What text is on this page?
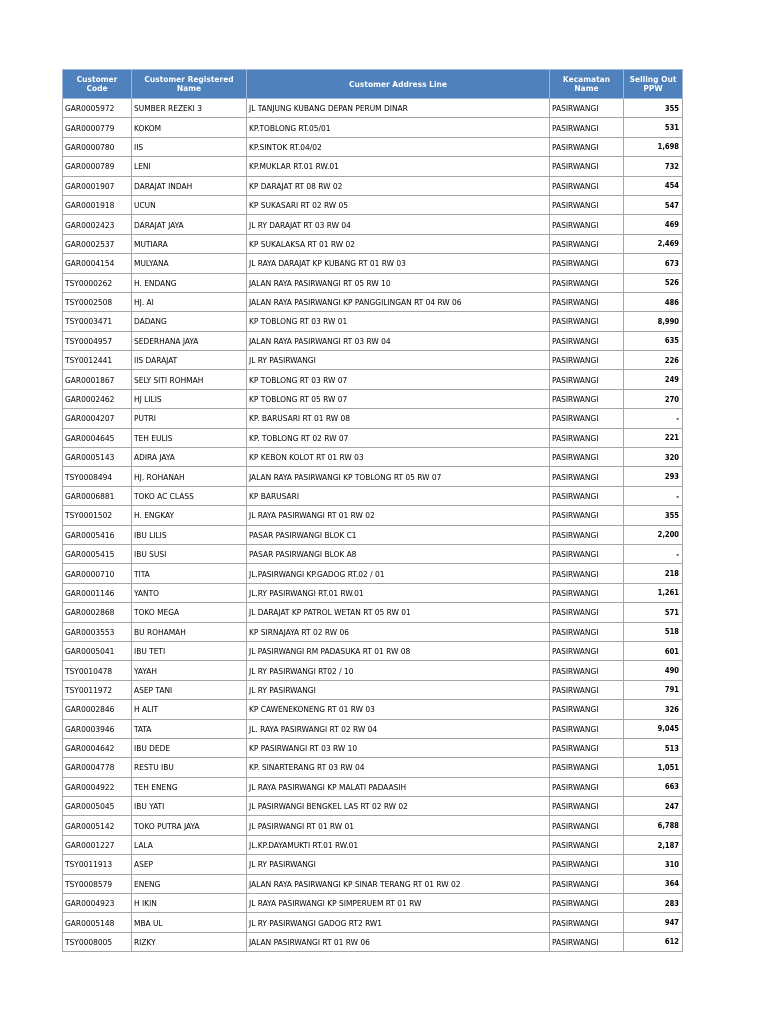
Customer Code	Customer Registered Name	Customer Address Line	Kecamatan Name	Selling Out PPW
GAR0005972	SUMBER REZEKI 3	JL TANJUNG KUBANG DEPAN PERUM DINAR	PASIRWANGI	355
GAR0000779	KOKOM	KP.TOBLONG RT.05/01	PASIRWANGI	531
GAR0000780	IIS	KP.SINTOK RT.04/02	PASIRWANGI	1,698
GAR0000789	LENI	KP.MUKLAR RT.01 RW.01	PASIRWANGI	732
GAR0001907	DARAJAT INDAH	KP DARAJAT RT 08 RW 02	PASIRWANGI	454
GAR0001918	UCUN	KP SUKASARI RT 02 RW 05	PASIRWANGI	547
GAR0002423	DARAJAT JAYA	JL RY DARAJAT RT 03 RW 04	PASIRWANGI	469
GAR0002537	MUTIARA	KP SUKALAKSA RT 01 RW 02	PASIRWANGI	2,469
GAR0004154	MULYANA	JL RAYA DARAJAT KP KUBANG RT 01 RW 03	PASIRWANGI	673
TSY0000262	H. ENDANG	JALAN RAYA PASIRWANGI RT 05 RW 10	PASIRWANGI	526
TSY0002508	HJ. AI	JALAN RAYA PASIRWANGI KP PANGGILINGAN RT 04 RW 06	PASIRWANGI	486
TSY0003471	DADANG	KP TOBLONG RT 03 RW 01	PASIRWANGI	8,990
TSY0004957	SEDERHANA JAYA	JALAN RAYA PASIRWANGI RT 03 RW 04	PASIRWANGI	635
TSY0012441	IIS DARAJAT	JL RY PASIRWANGI	PASIRWANGI	226
GAR0001867	SELY SITI ROHMAH	KP TOBLONG RT 03 RW 07	PASIRWANGI	249
GAR0002462	HJ LILIS	KP TOBLONG RT 05 RW 07	PASIRWANGI	270
GAR0004207	PUTRI	KP. BARUSARI RT 01 RW 08	PASIRWANGI	-
GAR0004645	TEH EULIS	KP. TOBLONG RT 02 RW 07	PASIRWANGI	221
GAR0005143	ADIRA JAYA	KP KEBON KOLOT RT 01 RW 03	PASIRWANGI	320
TSY0008494	HJ. ROHANAH	JALAN RAYA PASIRWANGI KP TOBLONG RT 05 RW 07	PASIRWANGI	293
GAR0006881	TOKO AC CLASS	KP BARUSARI	PASIRWANGI	-
TSY0001502	H. ENGKAY	JL RAYA PASIRWANGI RT 01 RW 02	PASIRWANGI	355
GAR0005416	IBU LILIS	PASAR PASIRWANGI BLOK C1	PASIRWANGI	2,200
GAR0005415	IBU SUSI	PASAR PASIRWANGI BLOK A8	PASIRWANGI	-
GAR0000710	TITA	JL.PASIRWANGI KP.GADOG RT.02 / 01	PASIRWANGI	218
GAR0001146	YANTO	JL.RY PASIRWANGI RT.01 RW.01	PASIRWANGI	1,261
GAR0002868	TOKO MEGA	JL DARAJAT KP PATROL WETAN RT 05 RW 01	PASIRWANGI	571
GAR0003553	BU ROHAMAH	KP SIRNAJAYA RT 02 RW 06	PASIRWANGI	518
GAR0005041	IBU TETI	JL PASIRWANGI RM PADASUKA RT 01 RW 08	PASIRWANGI	601
TSY0010478	YAYAH	JL RY PASIRWANGI RT02 / 10	PASIRWANGI	490
TSY0011972	ASEP TANI	JL RY PASIRWANGI	PASIRWANGI	791
GAR0002846	H ALIT	KP CAWENEKONENG RT 01 RW 03	PASIRWANGI	326
GAR0003946	TATA	JL. RAYA PASIRWANGI RT 02 RW 04	PASIRWANGI	9,045
GAR0004642	IBU DEDE	KP PASIRWANGI RT 03 RW 10	PASIRWANGI	513
GAR0004778	RESTU IBU	KP. SINARTERANG RT 03 RW 04	PASIRWANGI	1,051
GAR0004922	TEH ENENG	JL RAYA PASIRWANGI KP MALATI PADAASIH	PASIRWANGI	663
GAR0005045	IBU YATI	JL PASIRWANGI BENGKEL LAS RT 02 RW 02	PASIRWANGI	247
GAR0005142	TOKO PUTRA JAYA	JL PASIRWANGI RT 01 RW 01	PASIRWANGI	6,788
GAR0001227	LALA	JL.KP.DAYAMUKTI RT.01 RW.01	PASIRWANGI	2,187
TSY0011913	ASEP	JL RY PASIRWANGI	PASIRWANGI	310
TSY0008579	ENENG	JALAN RAYA PASIRWANGI KP SINAR TERANG RT 01 RW 02	PASIRWANGI	364
GAR0004923	H IKIN	JL RAYA PASIRWANGI KP SIMPERUEM RT 01 RW	PASIRWANGI	283
GAR0005148	MBA UL	JL RY PASIRWANGI GADOG RT2 RW1	PASIRWANGI	947
TSY0008005	RIZKY	JALAN PASIRWANGI RT 01 RW 06	PASIRWANGI	612
